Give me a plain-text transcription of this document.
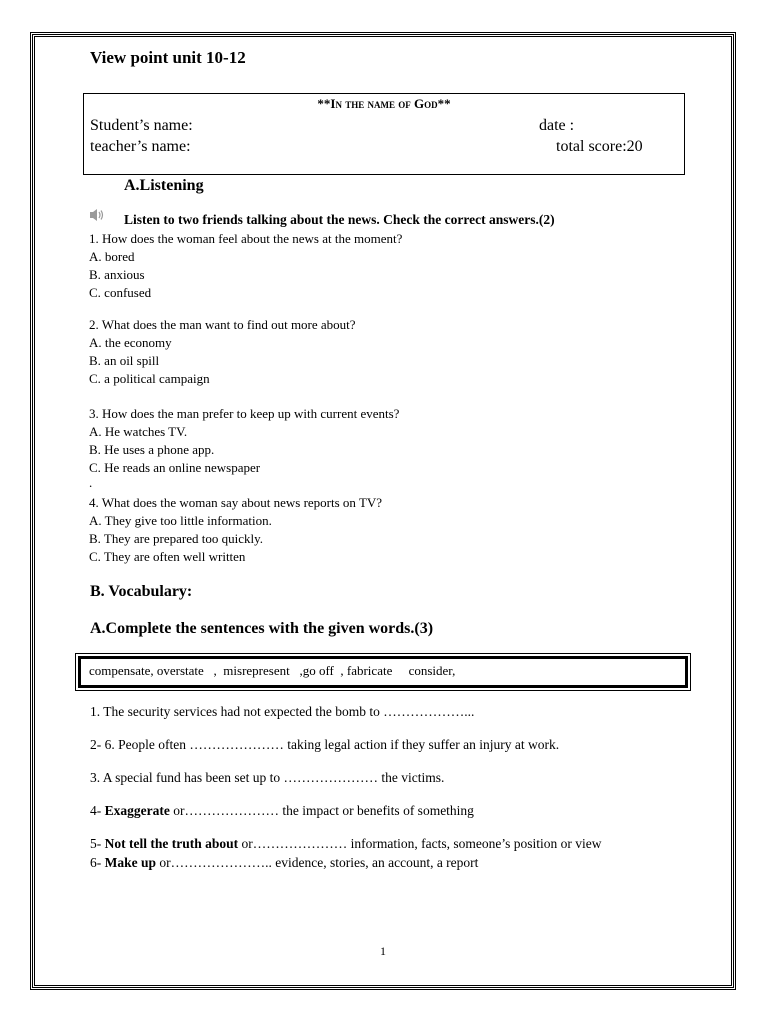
View point unit 10-12
**In the name of God**
Student’s name:	date :
teacher’s name:	total score:20
A.Listening
Listen to two friends talking about the news. Check the correct answers.(2)
1. How does the woman feel about the news at the moment?
A. bored
B. anxious
C. confused
2. What does the man want to find out more about?
A. the economy
B. an oil spill
C. a political campaign
3. How does the man prefer to keep up with current events?
A. He watches TV.
B. He uses a phone app.
C. He reads an online newspaper
.
4. What does the woman say about news reports on TV?
A. They give too little information.
B. They are prepared too quickly.
C. They are often well written
B. Vocabulary:
A.Complete the sentences with the given words.(3)
compensate, overstate   ,  misrepresent   ,go off  , fabricate     consider,
1. The security services had not expected the bomb to ………………...
2- 6. People often ………………… taking legal action if they suffer an injury at work.
3. A special fund has been set up to ………………… the victims.
4- Exaggerate or………………… the impact or benefits of something
5- Not tell the truth about or………………… information, facts, someone’s position or view
6- Make up or………………….. evidence, stories, an account, a report
1
